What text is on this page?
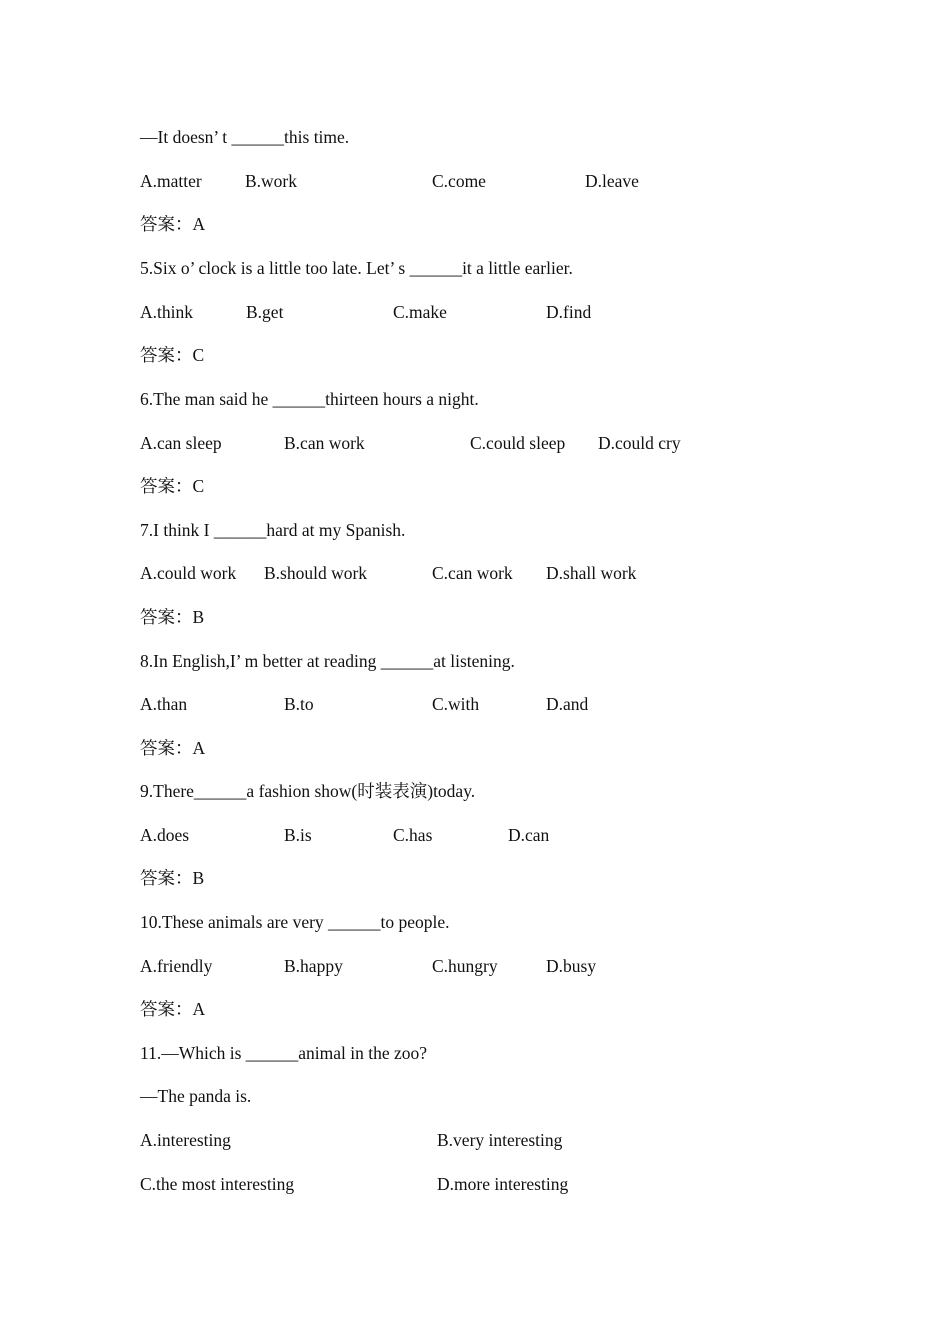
—It doesn’ t ______this time.
A.matter B.work	C.come	D.leave
答案：A
5.Six o’ clock is a little too late. Let’ s ______it a little earlier.
A.think	B.get	C.make	D.find
答案：C
6.The man said he ______thirteen hours a night.
A.can sleep	B.can work	C.could sleep D.could cry
答案：C
7.I think I ______hard at my Spanish.
A.could work B.should work	C.can work D.shall work
答案：B
8.In English,I’ m better at reading ______at listening.
A.than	B.to	C.with	D.and
答案：A
9.There______a fashion show(时装表演)today.
A.does	B.is	C.has	D.can
答案：B
10.These animals are very ______to people.
A.friendly	B.happy	C.hungry	D.busy
答案：A
11.—Which is ______animal in the zoo?
—The panda is.
A.interesting	B.very interesting
C.the most interesting	D.more interesting
